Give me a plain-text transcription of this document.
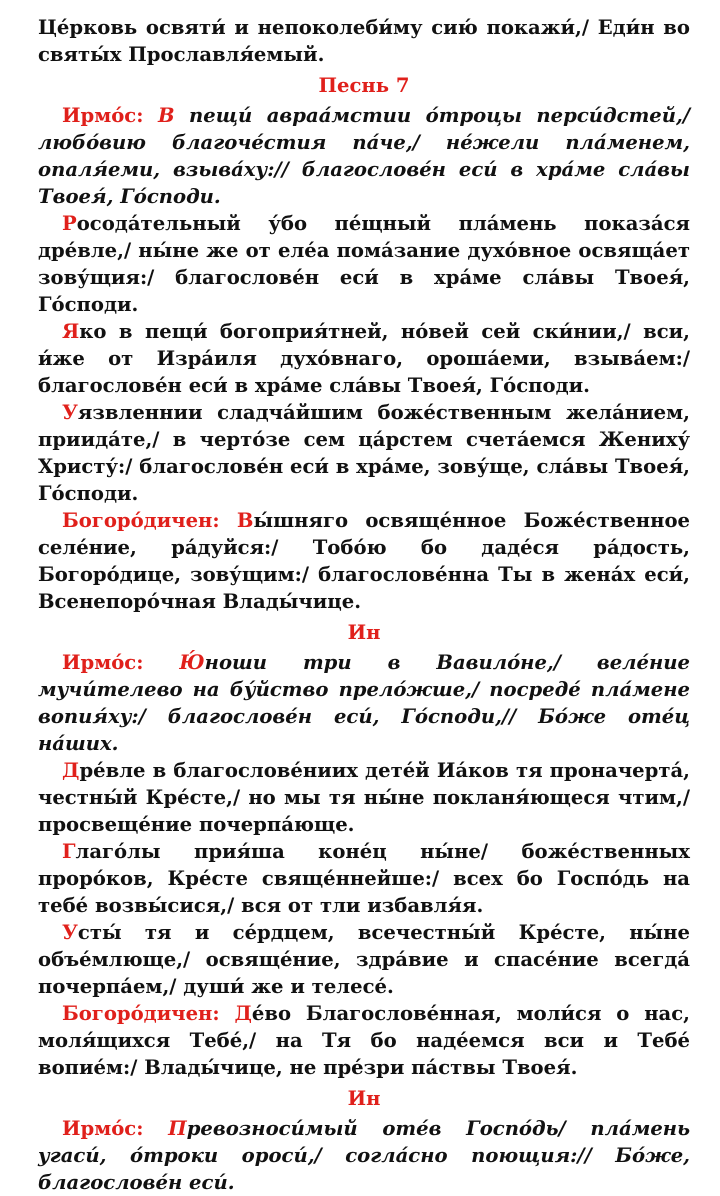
Це́рковь освяти́ и непоколеби́му сию́ покажи́,/ Еди́н во святы́х Прославля́емый.

Песнь 7

Ирмо́с: В пещи́ авраа́мстии о́троцы перси́дстей,/ любо́вию благоче́стия па́че,/ не́жели пла́менем, опаля́еми, взыва́ху:// благослове́н еси́ в хра́ме сла́вы Твоея́, Го́споди.

Росода́тельный у́бо пе́щный пла́мень показа́ся дре́вле,/ ны́не же от еле́а пома́зание духо́вное освяща́ет зову́щия:/ благослове́н еси́ в хра́ме сла́вы Твоея́, Го́споди.

Яко в пещи́ богоприя́тней, но́вей сей ски́нии,/ вси, и́же от Изра́иля духо́внаго, ороша́еми, взыва́ем:/ благослове́н еси́ в хра́ме сла́вы Твоея́, Го́споди.

Уязвленнии сладча́йшим боже́ственным жела́нием, приида́те,/ в черто́зе сем ца́рстем счета́емся Жениху́ Христу́:/ благослове́н еси́ в хра́ме, зову́ще, сла́вы Твоея́, Го́споди.

Богоро́дичен: Вы́шняго освяще́нное Боже́ственное селе́ние, ра́дуйся:/ Тобо́ю бо даде́ся ра́дость, Богоро́дице, зову́щим:/ благослове́нна Ты в жена́х еси́, Всенепоро́чная Влады́чице.

Ин

Ирмо́с: Ю́ноши три в Вавило́не,/ веле́ние мучи́телево на бу́йство прело́жше,/ посреде́ пла́мене вопия́ху:/ благослове́н еси́, Го́споди,// Бо́же оте́ц на́ших.

Дре́вле в благослове́ниих дете́й Иа́ков тя проначерта́, честны́й Кре́сте,/ но мы тя ны́не покланя́ющеся чтим,/ просвеще́ние почерпа́юще.

Глаго́лы прия́ша коне́ц ны́не/ боже́ственных проро́ков, Кре́сте свяще́ннейше:/ всех бо Госпо́дь на тебе́ возвы́сися,/ вся от тли избавля́я.

Усты́ тя и се́рдцем, всечестны́й Кре́сте, ны́не объе́млюще,/ освяще́ние, здра́вие и спасе́ние всегда́ почерпа́ем,/ души́ же и телесе́.

Богоро́дичен: Де́во Благослове́нная, моли́ся о нас, моля́щихся Тебе́,/ на Тя бо наде́емся вси и Тебе́ вопие́м:/ Влады́чице, не пре́зри па́ствы Твоея́.

Ин

Ирмо́с: Превозноси́мый оте́в Госпо́дь/ пла́мень угаси́, о́троки ороси́,/ согла́сно поющия:// Бо́же, благослове́н еси́.
